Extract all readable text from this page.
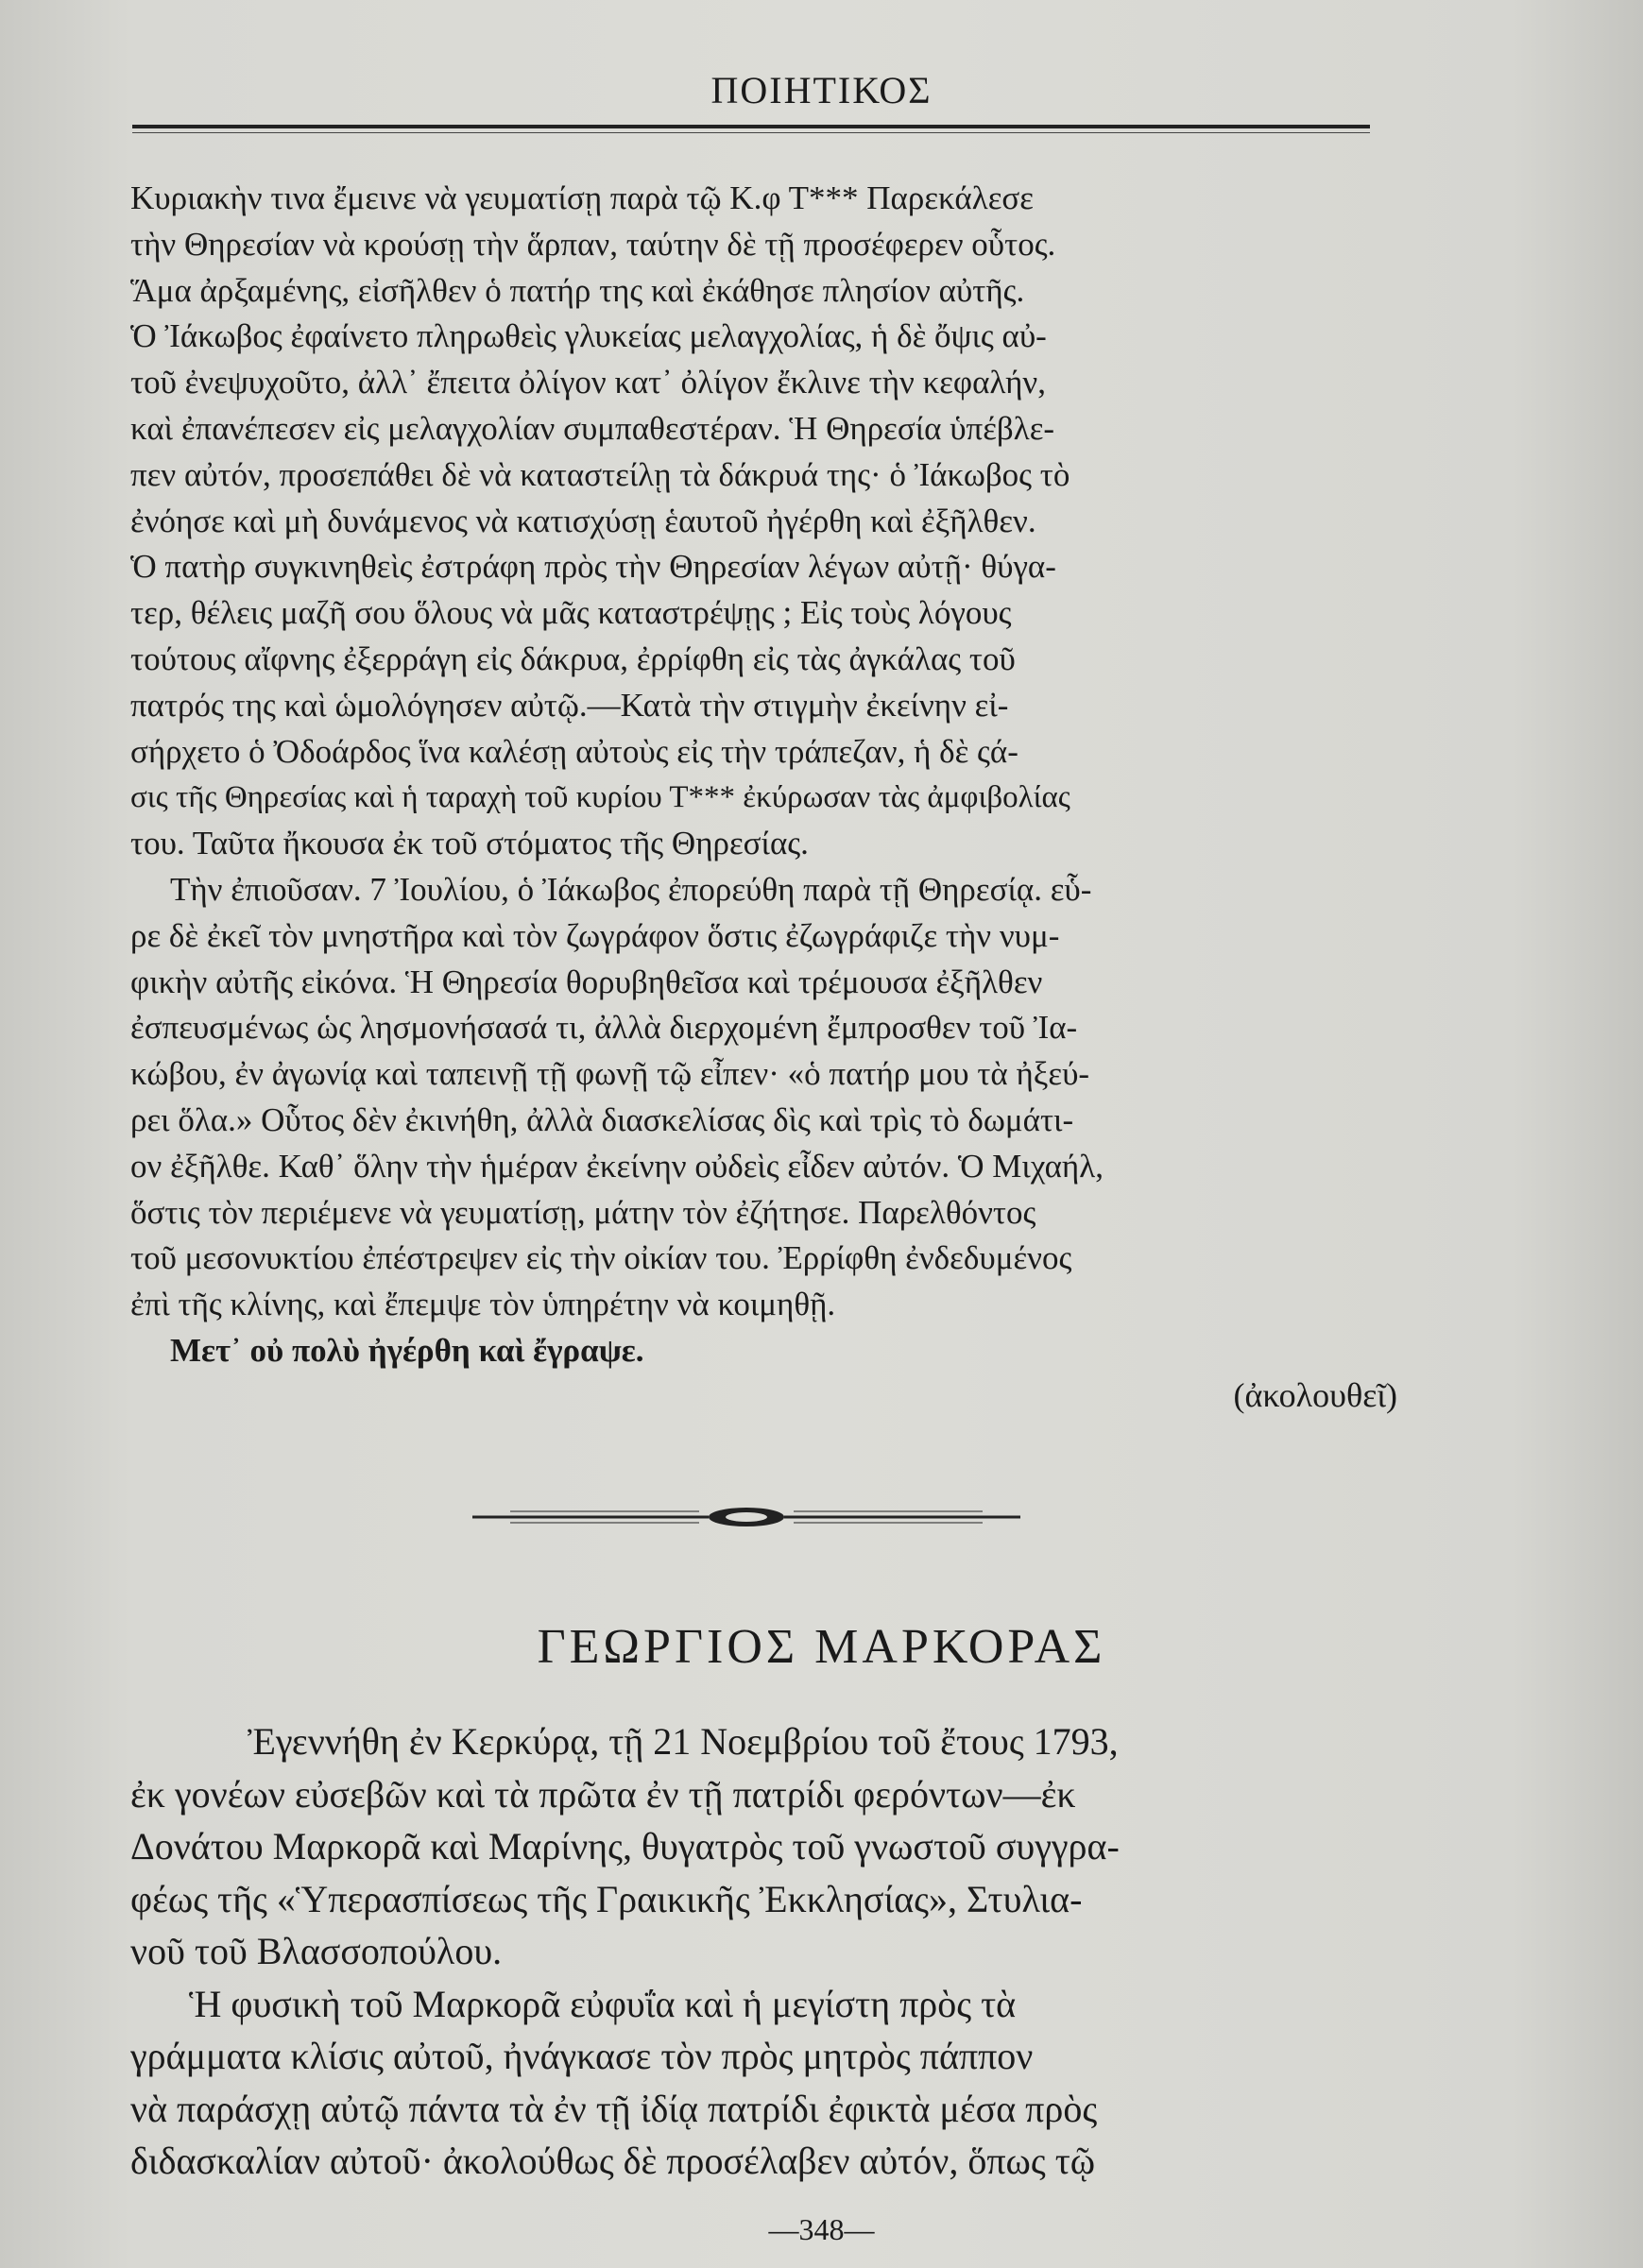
ΠΟΙΗΤΙΚΟΣ
Κυριακὴν τινα ἔμεινε νὰ γευματίσῃ παρὰ τῷ Κ.φ Τ*** Παρεκάλεσε
τὴν Θηρεσίαν νὰ κρούσῃ τὴν ἅρπαν, ταύτην δὲ τῇ προσέφερεν οὗτος.
Ἅμα ἀρξαμένης, εἰσῆλθεν ὁ πατήρ της καὶ ἐκάθησε πλησίον αὐτῆς.
Ὁ Ἰάκωβος ἐφαίνετο πληρωθεὶς γλυκείας μελαγχολίας, ἡ δὲ ὄψις αὐ-
τοῦ ἐνεψυχοῦτο, ἀλλ᾽ ἔπειτα ὀλίγον κατ᾽ ὀλίγον ἔκλινε τὴν κεφαλήν,
καὶ ἐπανέπεσεν εἰς μελαγχολίαν συμπαθεστέραν. Ἡ Θηρεσία ὑπέβλε-
πεν αὐτόν, προσεπάθει δὲ νὰ καταστείλῃ τὰ δάκρυά της· ὁ Ἰάκωβος τὸ
ἐνόησε καὶ μὴ δυνάμενος νὰ κατισχύσῃ ἑαυτοῦ ἠγέρθη καὶ ἐξῆλθεν.
Ὁ πατὴρ συγκινηθεὶς ἐστράφη πρὸς τὴν Θηρεσίαν λέγων αὐτῇ· θύγα-
τερ, θέλεις μαζῆ σου ὅλους νὰ μᾶς καταστρέψῃς ; Εἰς τοὺς λόγους
τούτους αἴφνης ἐξερράγη εἰς δάκρυα, ἐρρίφθη εἰς τὰς ἀγκάλας τοῦ
πατρός της καὶ ὡμολόγησεν αὐτῷ.—Κατὰ τὴν στιγμὴν ἐκείνην εἰ-
σήρχετο ὁ Ὀδοάρδος ἵνα καλέσῃ αὐτοὺς εἰς τὴν τράπεζαν, ἡ δὲ ςά-
σις τῆς Θηρεσίας καὶ ἡ ταραχὴ τοῦ κυρίου Τ*** ἐκύρωσαν τὰς ἀμφιβολίας
του. Ταῦτα ἤκουσα ἐκ τοῦ στόματος τῆς Θηρεσίας.
Τὴν ἐπιοῦσαν. 7 Ἰουλίου, ὁ Ἰάκωβος ἐπορεύθη παρὰ τῇ Θηρεσίᾳ. εὗ-
ρε δὲ ἐκεῖ τὸν μνηστῆρα καὶ τὸν ζωγράφον ὅστις ἐζωγράφιζε τὴν νυμ-
φικὴν αὐτῆς εἰκόνα. Ἡ Θηρεσία θορυβηθεῖσα καὶ τρέμουσα ἐξῆλθεν
ἐσπευσμένως ὡς λησμονήσασά τι, ἀλλὰ διερχομένη ἔμπροσθεν τοῦ Ἰα-
κώβου, ἐν ἀγωνίᾳ καὶ ταπεινῇ τῇ φωνῇ τῷ εἶπεν· «ὁ πατήρ μου τὰ ἠξεύ-
ρει ὅλα.» Οὗτος δὲν ἐκινήθη, ἀλλὰ διασκελίσας δὶς καὶ τρὶς τὸ δωμάτι-
ον ἐξῆλθε. Καθ᾽ ὅλην τὴν ἡμέραν ἐκείνην οὐδεὶς εἶδεν αὐτόν. Ὁ Μιχαήλ,
ὅστις τὸν περιέμενε νὰ γευματίσῃ, μάτην τὸν ἐζήτησε. Παρελθόντος
τοῦ μεσονυκτίου ἐπέστρεψεν εἰς τὴν οἰκίαν του. Ἐρρίφθη ἐνδεδυμένος
ἐπὶ τῆς κλίνης, καὶ ἔπεμψε τὸν ὑπηρέτην νὰ κοιμηθῇ.
Μετ᾽ οὐ πολὺ ἠγέρθη καὶ ἔγραψε.
(ἀκολουθεῖ)
ΓΕΩΡΓΙΟΣ ΜΑΡΚΟΡΑΣ
Ἐγεννήθη ἐν Κερκύρᾳ, τῇ 21 Νοεμβρίου τοῦ ἔτους 1793,
ἐκ γονέων εὐσεβῶν καὶ τὰ πρῶτα ἐν τῇ πατρίδι φερόντων—ἐκ
Δονάτου Μαρκορᾶ καὶ Μαρίνης, θυγατρὸς τοῦ γνωστοῦ συγγρα-
φέως τῆς «Ὑπερασπίσεως τῆς Γραικικῆς Ἐκκλησίας», Στυλια-
νοῦ τοῦ Βλασσοπούλου.
Ἡ φυσικὴ τοῦ Μαρκορᾶ εὐφυΐα καὶ ἡ μεγίστη πρὸς τὰ
γράμματα κλίσις αὐτοῦ, ἠνάγκασε τὸν πρὸς μητρὸς πάππον
νὰ παράσχῃ αὐτῷ πάντα τὰ ἐν τῇ ἰδίᾳ πατρίδι ἐφικτὰ μέσα πρὸς
διδασκαλίαν αὐτοῦ· ἀκολούθως δὲ προσέλαβεν αὐτόν, ὅπως τῷ
—348—
